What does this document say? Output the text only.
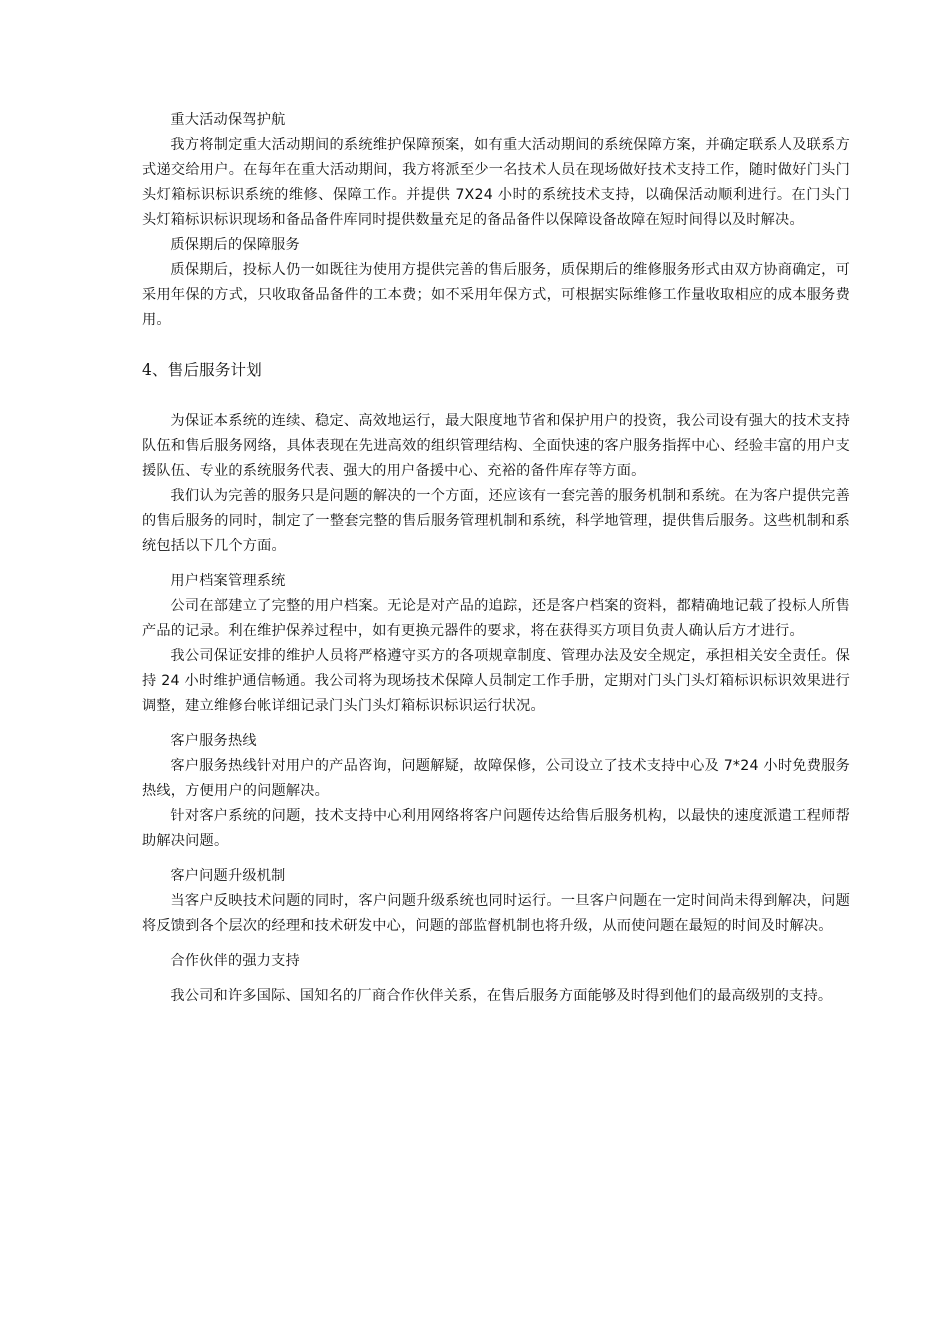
重大活动保驾护航

我方将制定重大活动期间的系统维护保障预案，如有重大活动期间的系统保障方案，并确定联系人及联系方式递交给用户。在每年在重大活动期间，我方将派至少一名技术人员在现场做好技术支持工作，随时做好门头门头灯箱标识标识系统的维修、保障工作。并提供 7X24 小时的系统技术支持，以确保活动顺利进行。在门头门头灯箱标识标识现场和备品备件库同时提供数量充足的备品备件以保障设备故障在短时间得以及时解决。

质保期后的保障服务

质保期后，投标人仍一如既往为使用方提供完善的售后服务，质保期后的维修服务形式由双方协商确定，可采用年保的方式，只收取备品备件的工本费；如不采用年保方式，可根据实际维修工作量收取相应的成本服务费用。

4、售后服务计划

为保证本系统的连续、稳定、高效地运行，最大限度地节省和保护用户的投资，我公司设有强大的技术支持队伍和售后服务网络，具体表现在先进高效的组织管理结构、全面快速的客户服务指挥中心、经验丰富的用户支援队伍、专业的系统服务代表、强大的用户备援中心、充裕的备件库存等方面。

我们认为完善的服务只是问题的解决的一个方面，还应该有一套完善的服务机制和系统。在为客户提供完善的售后服务的同时，制定了一整套完整的售后服务管理机制和系统，科学地管理，提供售后服务。这些机制和系统包括以下几个方面。

用户档案管理系统

公司在部建立了完整的用户档案。无论是对产品的追踪，还是客户档案的资料，都精确地记载了投标人所售产品的记录。利在维护保养过程中，如有更换元器件的要求，将在获得买方项目负责人确认后方才进行。

我公司保证安排的维护人员将严格遵守买方的各项规章制度、管理办法及安全规定，承担相关安全责任。保持 24 小时维护通信畅通。我公司将为现场技术保障人员制定工作手册，定期对门头门头灯箱标识标识效果进行调整，建立维修台帐详细记录门头门头灯箱标识标识运行状况。

客户服务热线

客户服务热线针对用户的产品咨询，问题解疑，故障保修，公司设立了技术支持中心及 7*24 小时免费服务热线，方便用户的问题解决。

针对客户系统的问题，技术支持中心利用网络将客户问题传达给售后服务机构，以最快的速度派遣工程师帮助解决问题。

客户问题升级机制

当客户反映技术问题的同时，客户问题升级系统也同时运行。一旦客户问题在一定时间尚未得到解决，问题将反馈到各个层次的经理和技术研发中心，问题的部监督机制也将升级，从而使问题在最短的时间及时解决。

合作伙伴的强力支持

我公司和许多国际、国知名的厂商合作伙伴关系，在售后服务方面能够及时得到他们的最高级别的支持。
